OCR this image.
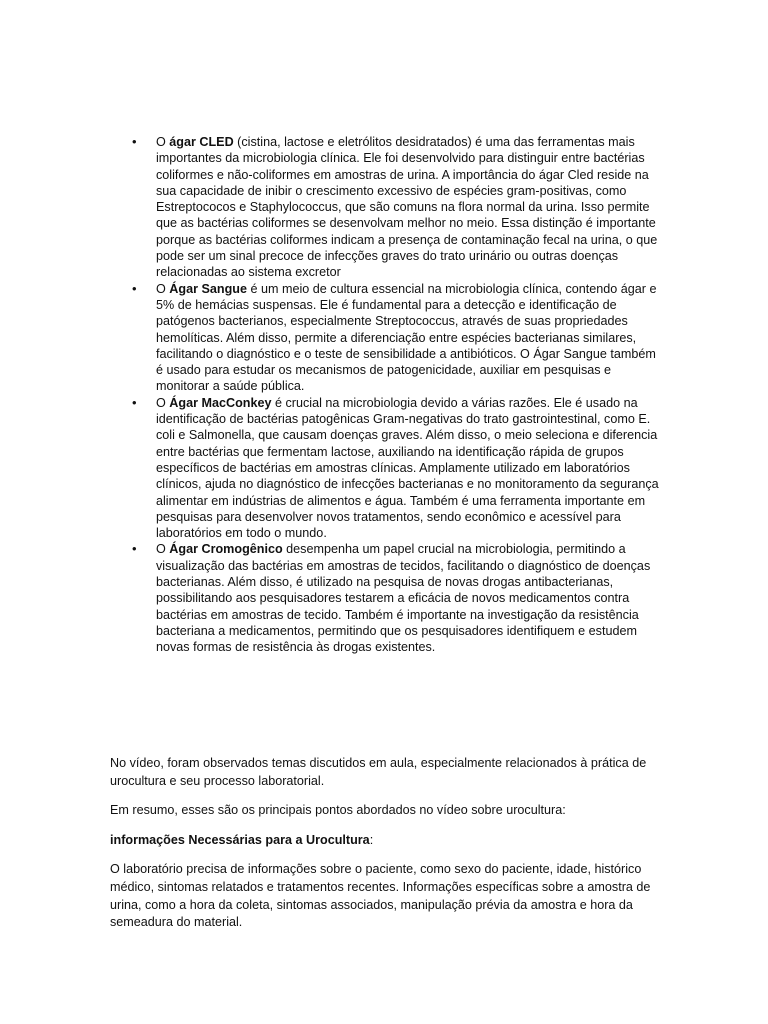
• O ágar CLED (cistina, lactose e eletrólitos desidratados) é uma das ferramentas mais importantes da microbiologia clínica. Ele foi desenvolvido para distinguir entre bactérias coliformes e não-coliformes em amostras de urina. A importância do ágar Cled reside na sua capacidade de inibir o crescimento excessivo de espécies gram-positivas, como Estreptococos e Staphylococcus, que são comuns na flora normal da urina. Isso permite que as bactérias coliformes se desenvolvam melhor no meio. Essa distinção é importante porque as bactérias coliformes indicam a presença de contaminação fecal na urina, o que pode ser um sinal precoce de infecções graves do trato urinário ou outras doenças relacionadas ao sistema excretor
• O Ágar Sangue é um meio de cultura essencial na microbiologia clínica, contendo ágar e 5% de hemácias suspensas. Ele é fundamental para a detecção e identificação de patógenos bacterianos, especialmente Streptococcus, através de suas propriedades hemolíticas. Além disso, permite a diferenciação entre espécies bacterianas similares, facilitando o diagnóstico e o teste de sensibilidade a antibióticos. O Ágar Sangue também é usado para estudar os mecanismos de patogenicidade, auxiliar em pesquisas e monitorar a saúde pública.
• O Ágar MacConkey é crucial na microbiologia devido a várias razões. Ele é usado na identificação de bactérias patogênicas Gram-negativas do trato gastrointestinal, como E. coli e Salmonella, que causam doenças graves. Além disso, o meio seleciona e diferencia entre bactérias que fermentam lactose, auxiliando na identificação rápida de grupos específicos de bactérias em amostras clínicas. Amplamente utilizado em laboratórios clínicos, ajuda no diagnóstico de infecções bacterianas e no monitoramento da segurança alimentar em indústrias de alimentos e água. Também é uma ferramenta importante em pesquisas para desenvolver novos tratamentos, sendo econômico e acessível para laboratórios em todo o mundo.
• O Ágar Cromogênico desempenha um papel crucial na microbiologia, permitindo a visualização das bactérias em amostras de tecidos, facilitando o diagnóstico de doenças bacterianas. Além disso, é utilizado na pesquisa de novas drogas antibacterianas, possibilitando aos pesquisadores testarem a eficácia de novos medicamentos contra bactérias em amostras de tecido. Também é importante na investigação da resistência bacteriana a medicamentos, permitindo que os pesquisadores identifiquem e estudem novas formas de resistência às drogas existentes.

No vídeo, foram observados temas discutidos em aula, especialmente relacionados à prática de urocultura e seu processo laboratorial.

Em resumo, esses são os principais pontos abordados no vídeo sobre urocultura:

informações Necessárias para a Urocultura:

O laboratório precisa de informações sobre o paciente, como sexo do paciente, idade, histórico médico, sintomas relatados e tratamentos recentes. Informações específicas sobre a amostra de urina, como a hora da coleta, sintomas associados, manipulação prévia da amostra e hora da semeadura do material.
